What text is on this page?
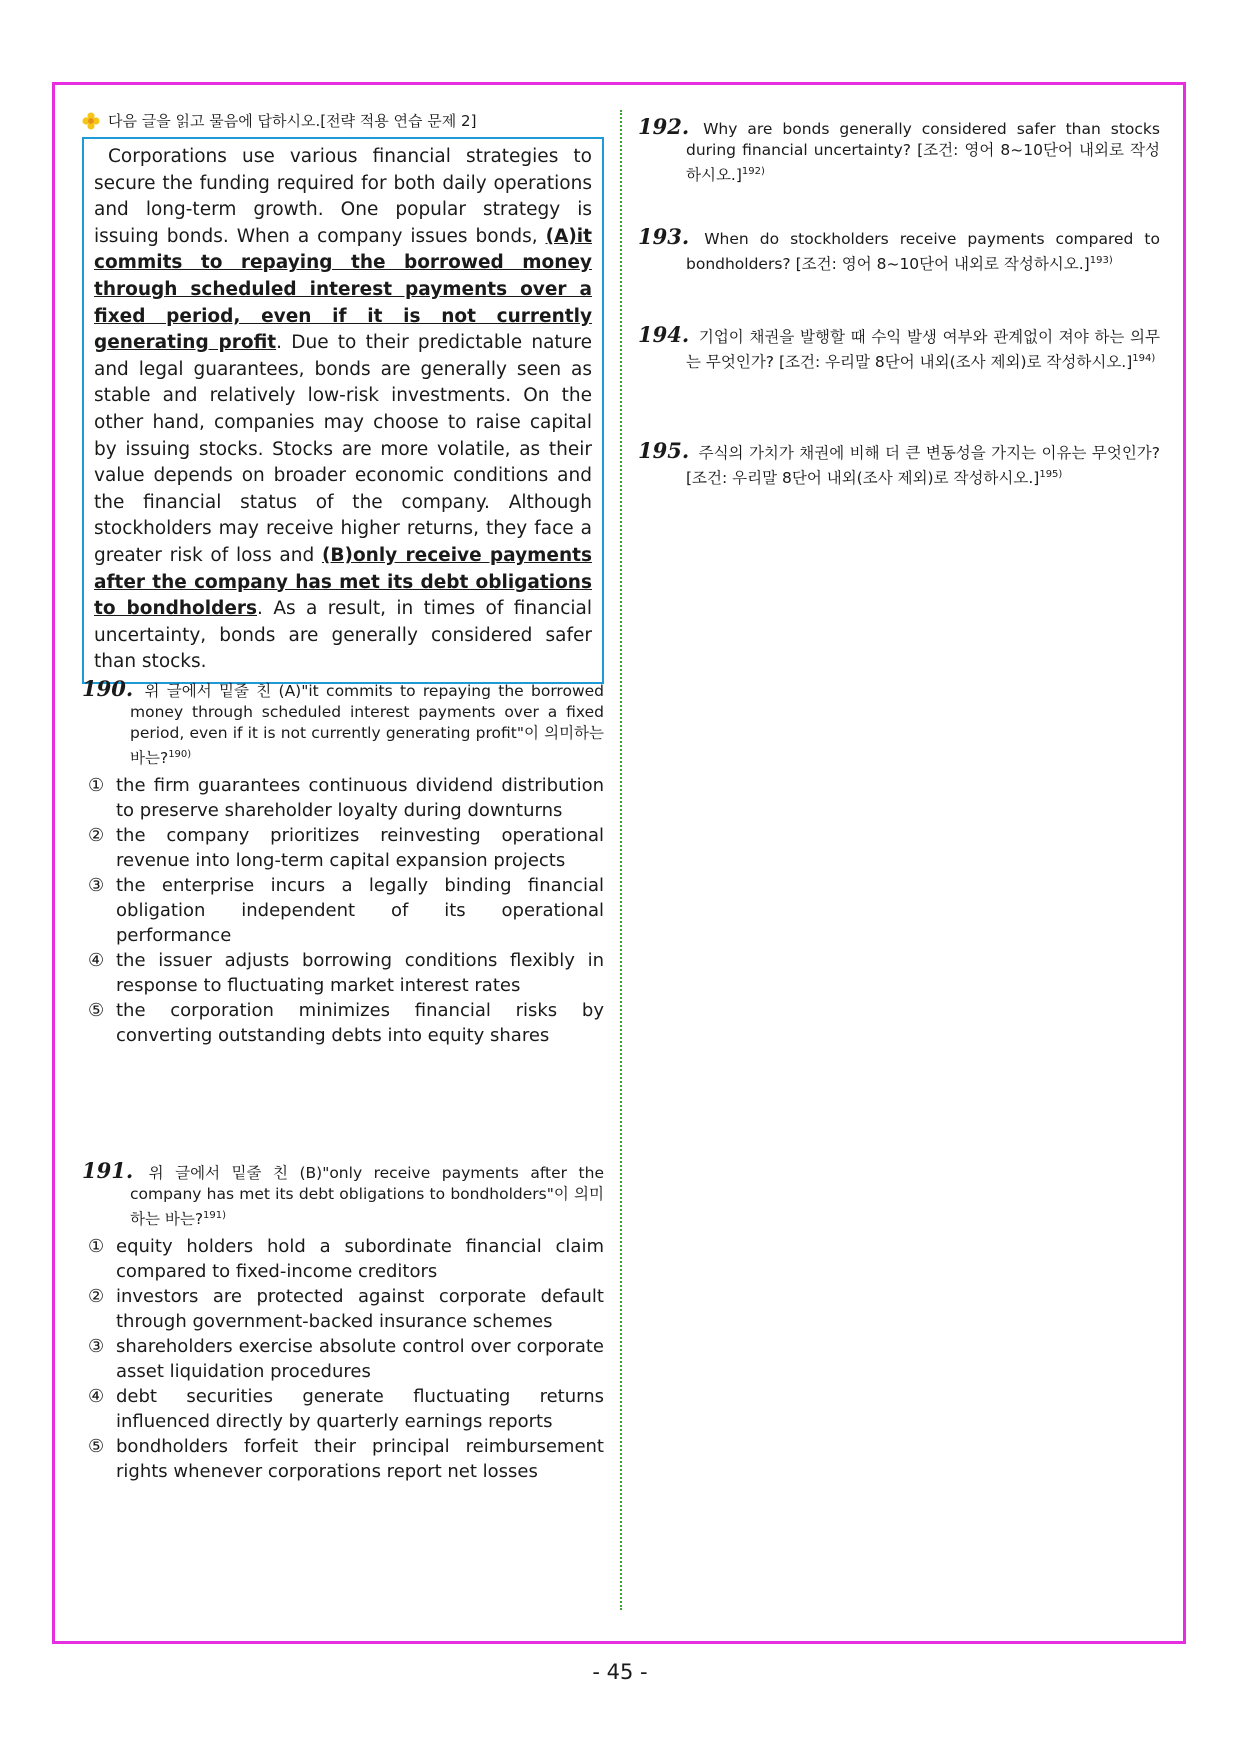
다음 글을 읽고 물음에 답하시오.[전략 적용 연습 문제 2]
Corporations use various financial strategies to secure the funding required for both daily operations and long-term growth. One popular strategy is issuing bonds. When a company issues bonds, (A)it commits to repaying the borrowed money through scheduled interest payments over a fixed period, even if it is not currently generating profit. Due to their predictable nature and legal guarantees, bonds are generally seen as stable and relatively low-risk investments. On the other hand, companies may choose to raise capital by issuing stocks. Stocks are more volatile, as their value depends on broader economic conditions and the financial status of the company. Although stockholders may receive higher returns, they face a greater risk of loss and (B)only receive payments after the company has met its debt obligations to bondholders. As a result, in times of financial uncertainty, bonds are generally considered safer than stocks.
190. 위 글에서 밑줄 친 (A)"it commits to repaying the borrowed money through scheduled interest payments over a fixed period, even if it is not currently generating profit"이 의미하는 바는?$^{190)}$
① the firm guarantees continuous dividend distribution to preserve shareholder loyalty during downturns
② the company prioritizes reinvesting operational revenue into long-term capital expansion projects
③ the enterprise incurs a legally binding financial obligation independent of its operational performance
④ the issuer adjusts borrowing conditions flexibly in response to fluctuating market interest rates
⑤ the corporation minimizes financial risks by converting outstanding debts into equity shares
191. 위 글에서 밑줄 친 (B)"only receive payments after the company has met its debt obligations to bondholders"이 의미하는 바는?$^{191)}$
① equity holders hold a subordinate financial claim compared to fixed-income creditors
② investors are protected against corporate default through government-backed insurance schemes
③ shareholders exercise absolute control over corporate asset liquidation procedures
④ debt securities generate fluctuating returns influenced directly by quarterly earnings reports
⑤ bondholders forfeit their principal reimbursement rights whenever corporations report net losses
192. Why are bonds generally considered safer than stocks during financial uncertainty? [조건: 영어 8~10단어 내외로 작성하시오.]$^{192)}$
193. When do stockholders receive payments compared to bondholders? [조건: 영어 8~10단어 내외로 작성하시오.]$^{193)}$
194. 기업이 채권을 발행할 때 수익 발생 여부와 관계없이 져야 하는 의무는 무엇인가? [조건: 우리말 8단어 내외(조사 제외)로 작성하시오.]$^{194)}$
195. 주식의 가치가 채권에 비해 더 큰 변동성을 가지는 이유는 무엇인가? [조건: 우리말 8단어 내외(조사 제외)로 작성하시오.]$^{195)}$
- 45 -
